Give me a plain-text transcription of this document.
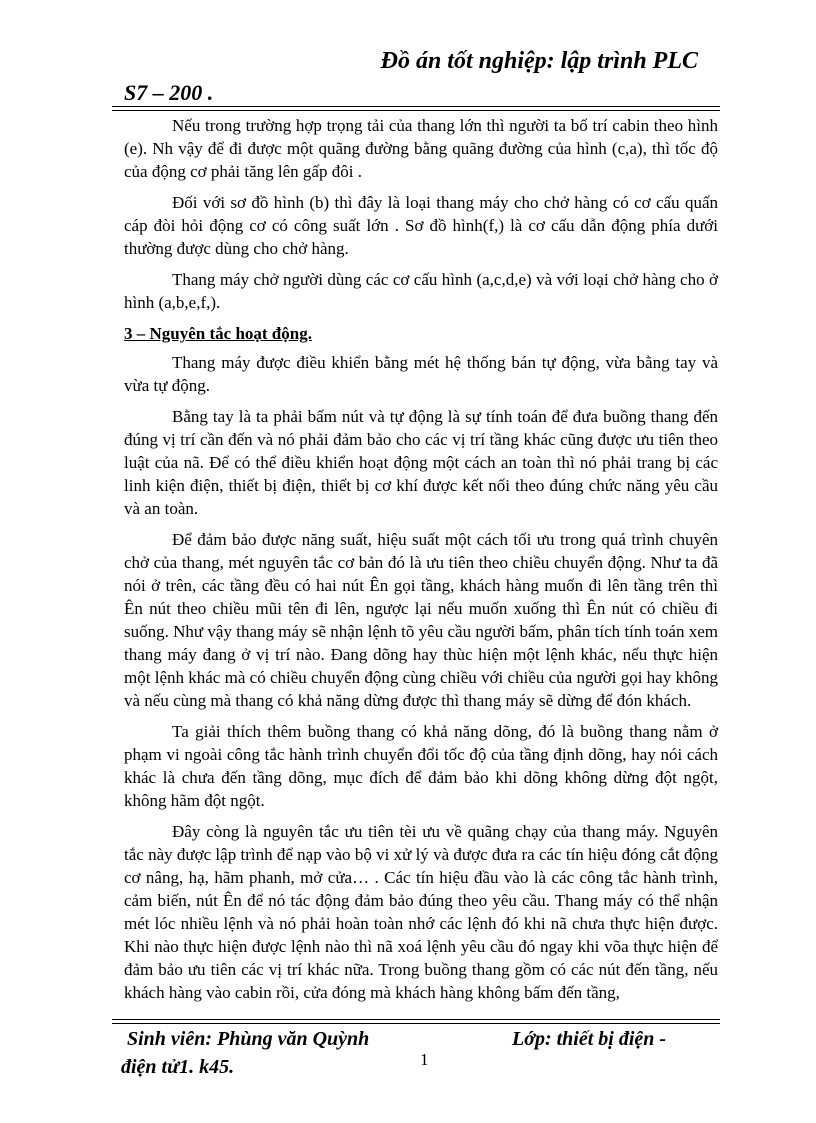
Đồ án tốt nghiệp: lập trình PLC
S7 – 200 .

Nếu trong trường hợp trọng tải của thang lớn thì người ta bố trí cabin theo hình (e). Nh vậy để đi được một quãng đường bằng quãng đường của hình (c,a), thì tốc độ của động cơ phải tăng lên gấp đôi .

Đối với sơ đồ hình (b) thì đây là loại thang máy cho chở hàng có cơ cấu quấn cáp đòi hỏi động cơ có công suất lớn . Sơ đồ hình(f,) là cơ cấu dẫn động phía dưới thường được dùng cho chở hàng.

Thang máy chở người dùng các cơ cấu hình (a,c,d,e) và với loại chở hàng cho ở hình (a,b,e,f,).

3 – Nguyên tắc hoạt động.

Thang máy được điều khiển bằng mét hệ thống bán tự động, vừa bằng tay và vừa tự động.

Bằng tay là ta phải bấm nút và tự động là sự tính toán để đưa buồng thang đến đúng vị trí cần đến và nó phải đảm bảo cho các vị trí tầng khác cũng được ưu tiên theo luật của nã. Để có thể điều khiển hoạt động một cách an toàn thì nó phải trang bị các linh kiện điện, thiết bị điện, thiết bị cơ khí được kết nối theo đúng chức năng yêu cầu và an toàn.

Để đảm bảo được năng suất, hiệu suất một cách tối ưu trong quá trình chuyên chở của thang, mét nguyên tắc cơ bản đó là ưu tiên theo chiều chuyển động. Như ta đã nói ở trên, các tầng đều có hai nút Ên gọi tầng, khách hàng muốn đi lên tầng trên thì Ên nút theo chiều mũi tên đi lên, ngược lại nếu muốn xuống thì Ên nút có chiều đi suống. Như vậy thang máy sẽ nhận lệnh tõ yêu cầu người bấm, phân tích tính toán xem thang máy đang ở vị trí nào. Đang dõng hay thùc hiện một lệnh khác, nếu thực hiện một lệnh khác mà có chiều chuyển động cùng chiều với chiều của người gọi hay không và nếu cùng mà thang có khả năng dừng được thì thang máy sẽ dừng để đón khách.

Ta giải thích thêm buồng thang có khả năng dõng, đó là buồng thang nằm ở phạm vi ngoài công tắc hành trình chuyển đổi tốc độ của tầng định dõng, hay nói cách khác là chưa đến tầng dõng, mục đích để đảm bảo khi dõng không dừng đột ngột, không hãm đột ngột.

Đây còng là nguyên tắc ưu tiên tèi ưu về quãng chạy của thang máy. Nguyên tắc này được lập trình để nạp vào bộ vi xử lý và được đưa ra các tín hiệu đóng cắt động cơ nâng, hạ, hãm phanh, mở cửa… . Các tín hiệu đầu vào là các công tắc hành trình, cảm biến, nút Ên để nó tác động đảm bảo đúng theo yêu cầu. Thang máy có thể nhận mét lóc nhiều lệnh và nó phải hoàn toàn nhớ các lệnh đó khi nã chưa thực hiện được. Khi nào thực hiện được lệnh nào thì nã xoá lệnh yêu cầu đó ngay khi võa thực hiện để đảm bảo ưu tiên các vị trí khác nữa. Trong buồng thang gồm có các nút đến tầng, nếu khách hàng vào cabin rồi, cửa đóng mà khách hàng không bấm đến tầng,

Sinh viên: Phùng văn Quỳnh	Lớp: thiết bị điện -
điện tử1. k45.	1
